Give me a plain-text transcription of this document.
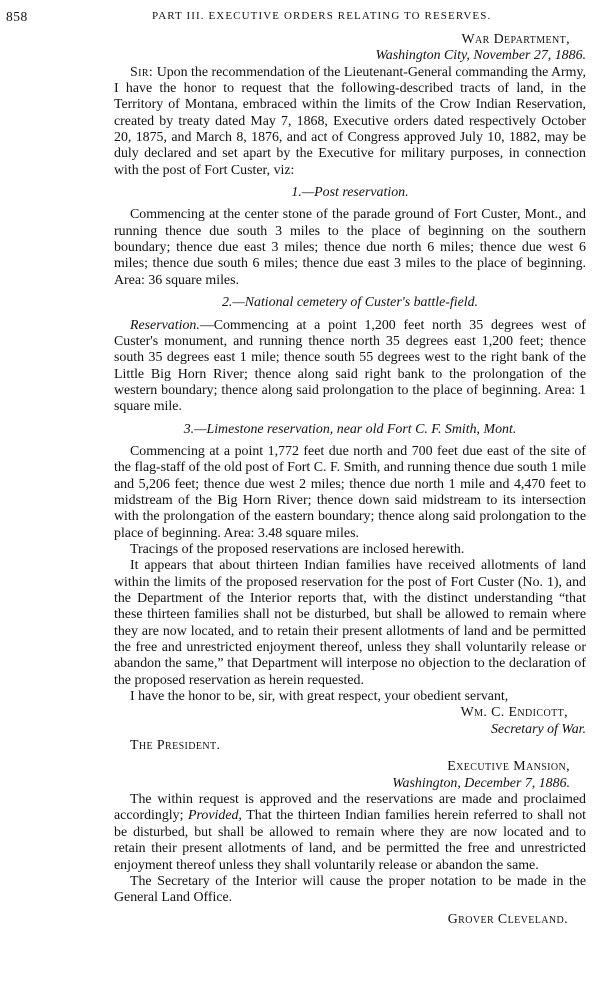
858	PART III. EXECUTIVE ORDERS RELATING TO RESERVES.

War Department,

Washington City, November 27, 1886.

Sir: Upon the recommendation of the Lieutenant-General commanding the Army, I have the honor to request that the following-described tracts of land, in the Territory of Montana, embraced within the limits of the Crow Indian Reservation, created by treaty dated May 7, 1868, Executive orders dated respectively October 20, 1875, and March 8, 1876, and act of Congress approved July 10, 1882, may be duly declared and set apart by the Executive for military purposes, in connection with the post of Fort Custer, viz:

1.—Post reservation.

Commencing at the center stone of the parade ground of Fort Custer, Mont., and running thence due south 3 miles to the place of beginning on the southern boundary; thence due east 3 miles; thence due north 6 miles; thence due west 6 miles; thence due south 6 miles; thence due east 3 miles to the place of beginning. Area: 36 square miles.

2.—National cemetery of Custer's battle-field.

Reservation.—Commencing at a point 1,200 feet north 35 degrees west of Custer's monument, and running thence north 35 degrees east 1,200 feet; thence south 35 degrees east 1 mile; thence south 55 degrees west to the right bank of the Little Big Horn River; thence along said right bank to the prolongation of the western boundary; thence along said prolongation to the place of beginning. Area: 1 square mile.

3.—Limestone reservation, near old Fort C. F. Smith, Mont.

Commencing at a point 1,772 feet due north and 700 feet due east of the site of the flag-staff of the old post of Fort C. F. Smith, and running thence due south 1 mile and 5,206 feet; thence due west 2 miles; thence due north 1 mile and 4,470 feet to midstream of the Big Horn River; thence down said midstream to its intersection with the prolongation of the eastern boundary; thence along said prolongation to the place of beginning. Area: 3.48 square miles.

Tracings of the proposed reservations are inclosed herewith.

It appears that about thirteen Indian families have received allotments of land within the limits of the proposed reservation for the post of Fort Custer (No. 1), and the Department of the Interior reports that, with the distinct understanding “that these thirteen families shall not be disturbed, but shall be allowed to remain where they are now located, and to retain their present allotments of land and be permitted the free and unrestricted enjoyment thereof, unless they shall voluntarily release or abandon the same,” that Department will interpose no objection to the declaration of the proposed reservation as herein requested.

I have the honor to be, sir, with great respect, your obedient servant,

Wm. C. Endicott,

Secretary of War.

The President.

Executive Mansion,

Washington, December 7, 1886.

The within request is approved and the reservations are made and proclaimed accordingly; Provided, That the thirteen Indian families herein referred to shall not be disturbed, but shall be allowed to remain where they are now located and to retain their present allotments of land, and be permitted the free and unrestricted enjoyment thereof unless they shall voluntarily release or abandon the same.

The Secretary of the Interior will cause the proper notation to be made in the General Land Office.

Grover Cleveland.
